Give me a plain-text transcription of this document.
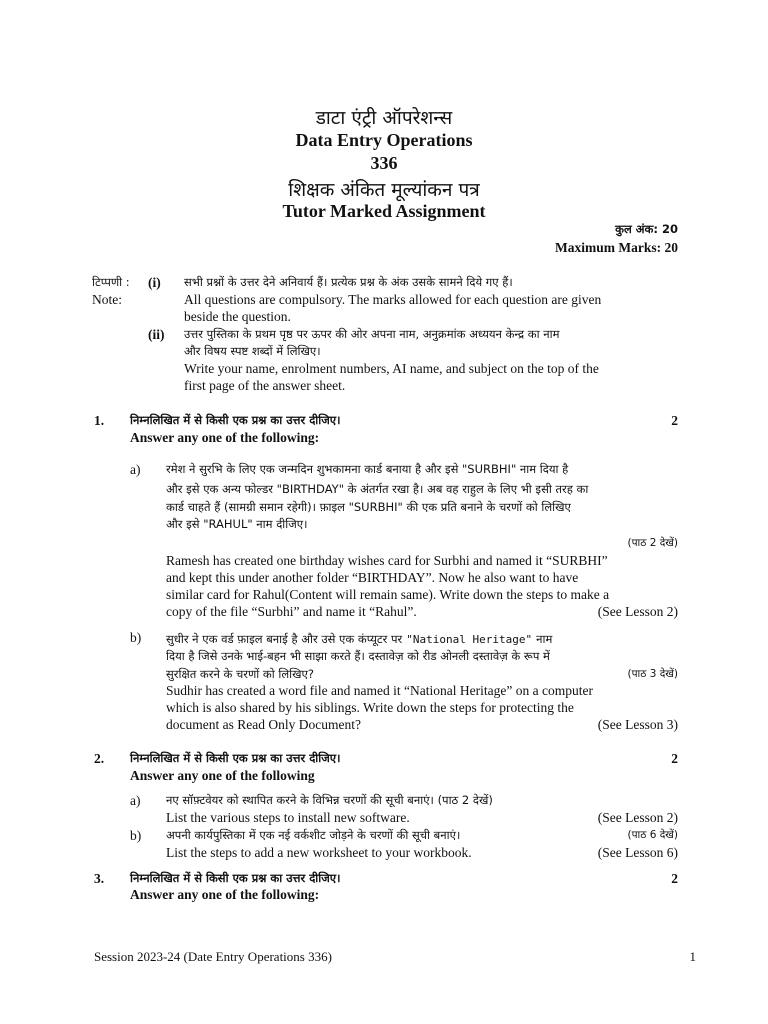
डाटा एंट्री ऑपरेशन्स
Data Entry Operations
336
शिक्षक अंकित मूल्यांकन पत्र
Tutor Marked Assignment
कुल अंक: 20
Maximum Marks: 20
टिप्पणी : (i) सभी प्रश्नों के उत्तर देने अनिवार्य हैं। प्रत्येक प्रश्न के अंक उसके सामने दिये गए हैं।
Note:	All questions are compulsory. The marks allowed for each question are given
beside the question.
(ii) उत्तर पुस्तिका के प्रथम पृष्ठ पर ऊपर की ओर अपना नाम, अनुक्रमांक अध्ययन केन्द्र का नाम
और विषय स्पष्ट शब्दों में लिखिए।
Write your name, enrolment numbers, AI name, and subject on the top of the
first page of the answer sheet.
1. निम्नलिखित में से किसी एक प्रश्न का उत्तर दीजिए।	2
Answer any one of the following:
a) रमेश ने सुरभि के लिए एक जन्मदिन शुभकामना कार्ड बनाया है और इसे "SURBHI" नाम दिया है
और इसे एक अन्य फोल्डर "BIRTHDAY" के अंतर्गत रखा है। अब वह राहुल के लिए भी इसी तरह का
कार्ड चाहते हैं (सामग्री समान रहेगी)। फ़ाइल "SURBHI" की एक प्रति बनाने के चरणों को लिखिए
और इसे "RAHUL" नाम दीजिए।
(पाठ 2 देखें)
Ramesh has created one birthday wishes card for Surbhi and named it “SURBHI”
and kept this under another folder “BIRTHDAY”. Now he also want to have
similar card for Rahul(Content will remain same). Write down the steps to make a
copy of the file “Surbhi” and name it “Rahul”.	(See Lesson 2)
b) सुधीर ने एक वर्ड फ़ाइल बनाई है और उसे एक कंप्यूटर पर "National Heritage" नाम
दिया है जिसे उनके भाई-बहन भी साझा करते हैं। दस्तावेज़ को रीड ओनली दस्तावेज़ के रूप में
सुरक्षित करने के चरणों को लिखिए?	(पाठ 3 देखें)
Sudhir has created a word file and named it “National Heritage” on a computer
which is also shared by his siblings. Write down the steps for protecting the
document as Read Only Document?	(See Lesson 3)
2. निम्नलिखित में से किसी एक प्रश्न का उत्तर दीजिए।	2
Answer any one of the following
a) नए सॉफ़्टवेयर को स्थापित करने के विभिन्न चरणों की सूची बनाएं। (पाठ 2 देखें)
List the various steps to install new software.	(See Lesson 2)
b) अपनी कार्यपुस्तिका में एक नई वर्कशीट जोड़ने के चरणों की सूची बनाएं।	(पाठ 6 देखें)
List the steps to add a new worksheet to your workbook.	(See Lesson 6)
3. निम्नलिखित में से किसी एक प्रश्न का उत्तर दीजिए।	2
Answer any one of the following:
Session 2023-24 (Date Entry Operations 336)	1
